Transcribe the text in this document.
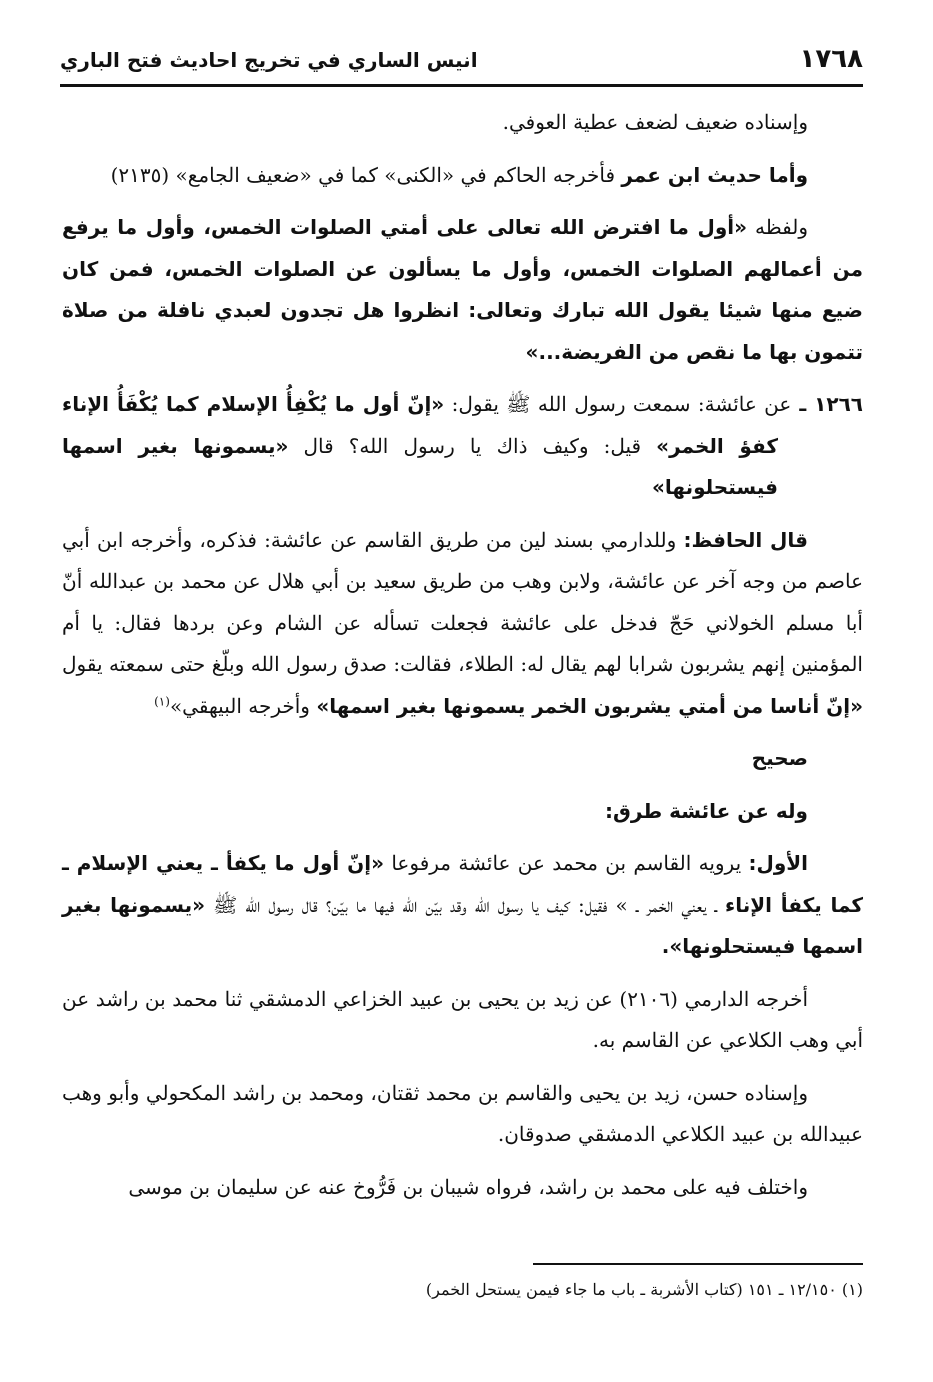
١٧٦٨
انيس الساري في تخريج احاديث فتح الباري

وإسناده ضعيف لضعف عطية العوفي.

وأما حديث ابن عمر فأخرجه الحاكم في «الكنى» كما في «ضعيف الجامع» (٢١٣٥)

ولفظه «أول ما افترض الله تعالى على أمتي الصلوات الخمس، وأول ما يرفع من أعمالهم الصلوات الخمس، وأول ما يسألون عن الصلوات الخمس، فمن كان ضيع منها شيئا يقول الله تبارك وتعالى: انظروا هل تجدون لعبدي نافلة من صلاة تتمون بها ما نقص من الفريضة...»

١٢٦٦ ـ عن عائشة: سمعت رسول الله ﷺ يقول: «إنّ أول ما يُكْفِأُ الإسلام كما يُكْفَأُ الإناء كفؤ الخمر» قيل: وكيف ذاك يا رسول الله؟ قال «يسمونها بغير اسمها فيستحلونها»

قال الحافظ: وللدارمي بسند لين من طريق القاسم عن عائشة: فذكره، وأخرجه ابن أبي عاصم من وجه آخر عن عائشة، ولابن وهب من طريق سعيد بن أبي هلال عن محمد بن عبدالله أنّ أبا مسلم الخولاني حَجّ فدخل على عائشة فجعلت تسأله عن الشام وعن بردها فقال: يا أم المؤمنين إنهم يشربون شرابا لهم يقال له: الطلاء، فقالت: صدق رسول الله وبلّغ حتى سمعته يقول «إنّ أناسا من أمتي يشربون الخمر يسمونها بغير اسمها» وأخرجه البيهقي»$^{(١)}$

صحيح

وله عن عائشة طرق:

الأول: يرويه القاسم بن محمد عن عائشة مرفوعا «إنّ أول ما يكفأ ـ يعني الإسلام ـ كما يكفأ الإناء ـ يعني الخمر ـ » فقيل: كيف يا رسول الله وقد بيّن الله فيها ما بيّن؟ قال رسول الله ﷺ «يسمونها بغير اسمها فيستحلونها».

أخرجه الدارمي (٢١٠٦) عن زيد بن يحيى بن عبيد الخزاعي الدمشقي ثنا محمد بن راشد عن أبي وهب الكلاعي عن القاسم به.

وإسناده حسن، زيد بن يحيى والقاسم بن محمد ثقتان، ومحمد بن راشد المكحولي وأبو وهب عبيدالله بن عبيد الكلاعي الدمشقي صدوقان.

واختلف فيه على محمد بن راشد، فرواه شيبان بن فَرُّوخ عنه عن سليمان بن موسى

(١) ١٢/١٥٠ ـ ١٥١ (كتاب الأشربة ـ باب ما جاء فيمن يستحل الخمر)
